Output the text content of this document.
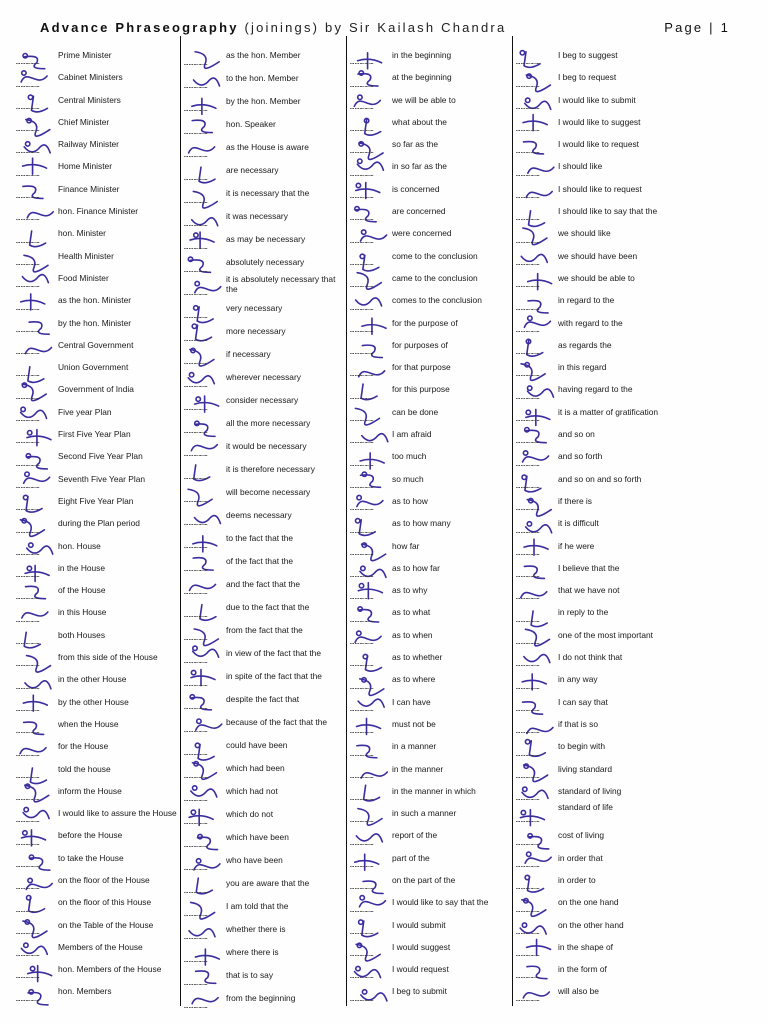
Advance Phraseography (joinings) by Sir Kailash Chandra	Page | 1
……………
Prime Minister
……………
Cabinet Ministers
……………
Central Ministers
……………
Chief Minister
……………
Railway Minister
……………
Home Minister
……………
Finance Minister
……………
hon. Finance Minister
……………
hon. Minister
……………
Health Minister
……………
Food Minister
……………
as the hon. Minister
……………
by the hon. Minister
……………
Central Government
……………
Union Government
……………
Government of India
……………
Five year Plan
……………
First Five Year Plan
……………
Second Five Year Plan
……………
Seventh Five Year Plan
……………
Eight Five Year Plan
……………
during the Plan period
……………
hon. House
……………
in the House
……………
of the House
……………
in this House
……………
both Houses
……………
from this side of the House
……………
in the other House
……………
by the other House
……………
when the House
……………
for the House
……………
told the house
……………
inform the House
……………
I would like to assure the House
……………
before the House
……………
to take the House
……………
on the floor of the House
……………
on the floor of this House
……………
on the Table of the House
……………
Members of the House
……………
hon. Members of the House
……………
hon. Members
……………
as the hon. Member
……………
to the hon. Member
……………
by the hon. Member
……………
hon. Speaker
……………
as the House is aware
……………
are necessary
……………
it is necessary that the
……………
it was necessary
……………
as may be necessary
……………
absolutely necessary
……………
it is absolutely necessary that the
……………
very necessary
……………
more necessary
……………
if necessary
……………
wherever necessary
……………
consider necessary
……………
all the more necessary
……………
it would be necessary
……………
it is therefore necessary
……………
will become necessary
……………
deems necessary
……………
to the fact that the
……………
of the fact that the
……………
and the fact that the
……………
due to the fact that the
……………
from the fact that the
……………
in view of the fact that the
……………
in spite of the fact that the
……………
despite the fact that
……………
because of the fact that the
……………
could have been
……………
which had been
……………
which had not
……………
which do not
……………
which have been
……………
who have been
……………
you are aware that the
……………
I am told that the
……………
whether there is
……………
where there is
……………
that is to say
……………
from the beginning
……………
in the beginning
……………
at the beginning
……………
we will be able to
……………
what about the
……………
so far as the
……………
in so far as the
……………
is concerned
……………
are concerned
……………
were concerned
……………
come to the conclusion
……………
came to the conclusion
……………
comes to the conclusion
……………
for the purpose of
……………
for purposes of
……………
for that purpose
……………
for this purpose
……………
can be done
……………
I am afraid
……………
too much
……………
so much
……………
as to how
……………
as to how many
……………
how far
……………
as to how far
……………
as to why
……………
as to what
……………
as to when
……………
as to whether
……………
as to where
……………
I can have
……………
must not be
……………
in a manner
……………
in the manner
……………
in the manner in which
……………
in such a manner
……………
report of the
……………
part of the
……………
on the part of the
……………
I would like to say that the
……………
I would submit
……………
I would suggest
……………
I would request
……………
I beg to submit
……………
I beg to suggest
……………
I beg to request
……………
I would like to submit
……………
I would like to suggest
……………
I would like to request
……………
I should like
……………
I should like to request
……………
I should like to say that the
……………
we should like
……………
we should have been
……………
we should be able to
……………
in regard to the
……………
with regard to the
……………
as regards the
……………
in this regard
……………
having regard to the
……………
it is a matter of gratification
……………
and so on
……………
and so forth
……………
and so on and so forth
……………
if there is
……………
it is difficult
……………
if he were
……………
I believe that the
……………
that we have not
……………
in reply to the
……………
one of the most important
……………
I do not think that
……………
in any way
……………
I can say that
……………
if that is so
……………
to begin with
……………
living standard
……………
standard of living
……………
standard of life
……………
cost of living
……………
in order that
……………
in order to
……………
on the one hand
……………
on the other hand
……………
in the shape of
……………
in the form of
……………
will also be
